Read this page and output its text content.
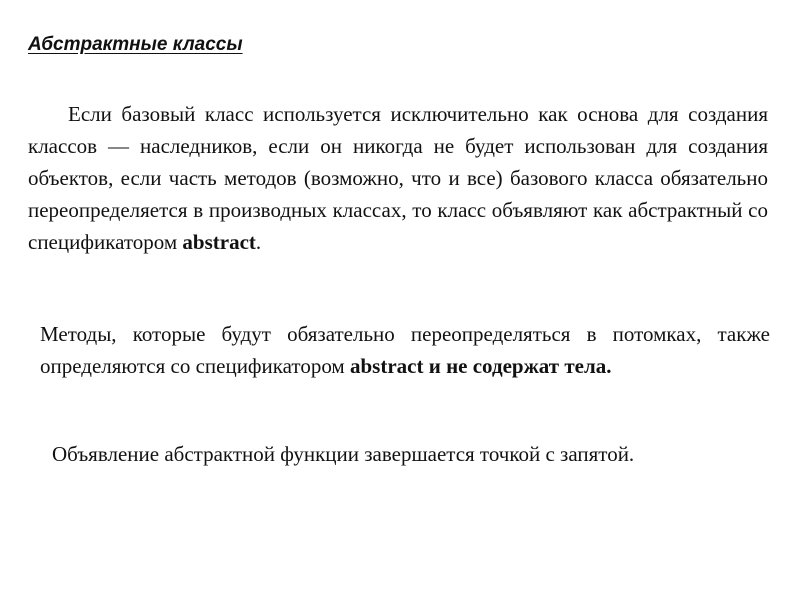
Абстрактные классы

Если базовый класс используется исключительно как основа для создания классов — наследников, если он никогда не будет использован для создания объектов, если часть методов (возможно, что и все) базового класса обязательно переопределяется в производных классах, то класс объявляют как абстрактный со спецификатором abstract.

Методы, которые будут обязательно переопределяться в потомках, также определяются со спецификатором abstract и не содержат тела.

Объявление абстрактной функции завершается точкой с запятой.
